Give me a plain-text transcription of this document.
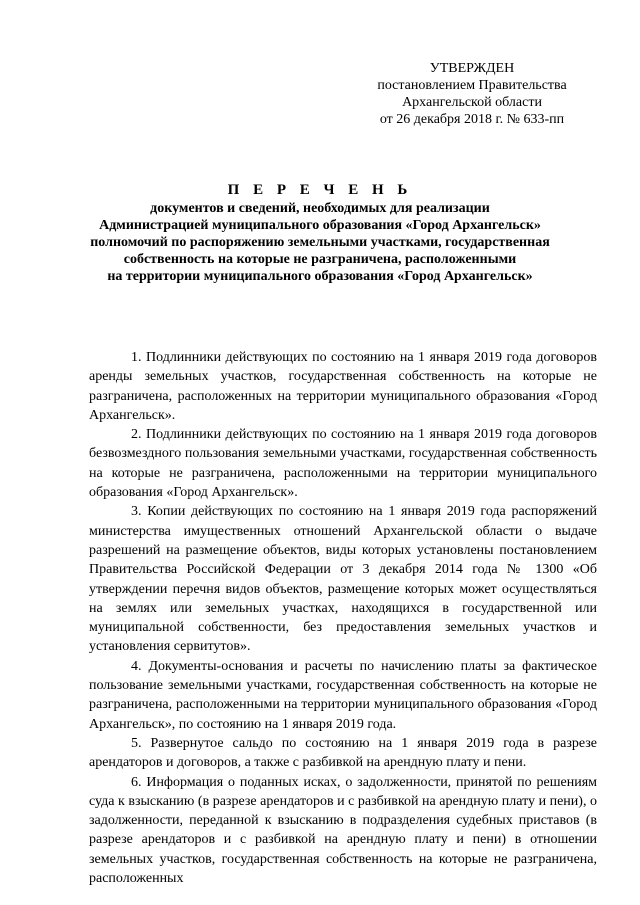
УТВЕРЖДЕН
постановлением Правительства
Архангельской области
от 26 декабря 2018 г. № 633-пп
П Е Р Е Ч Е Н Ь
документов и сведений, необходимых для реализации
Администрацией муниципального образования «Город Архангельск»
полномочий по распоряжению земельными участками, государственная
собственность на которые не разграничена, расположенными
на территории муниципального образования «Город Архангельск»

1. Подлинники действующих по состоянию на 1 января 2019 года договоров аренды земельных участков, государственная собственность на которые не разграничена, расположенных на территории муниципального образования «Город Архангельск».

2. Подлинники действующих по состоянию на 1 января 2019 года договоров безвозмездного пользования земельными участками, государственная собственность на которые не разграничена, расположенными на территории муниципального образования «Город Архангельск».

3. Копии действующих по состоянию на 1 января 2019 года распоряжений министерства имущественных отношений Архангельской области о выдаче разрешений на размещение объектов, виды которых установлены постановлением Правительства Российской Федерации от 3 декабря 2014 года № 1300 «Об утверждении перечня видов объектов, размещение которых может осуществляться на землях или земельных участках, находящихся в государственной или муниципальной собственности, без предоставления земельных участков и установления сервитутов».

4. Документы-основания и расчеты по начислению платы за фактическое пользование земельными участками, государственная собственность на которые не разграничена, расположенными на территории муниципального образования «Город Архангельск», по состоянию на 1 января 2019 года.

5. Развернутое сальдо по состоянию на 1 января 2019 года в разрезе арендаторов и договоров, а также с разбивкой на арендную плату и пени.

6. Информация о поданных исках, о задолженности, принятой по решениям суда к взысканию (в разрезе арендаторов и с разбивкой на арендную плату и пени), о задолженности, переданной к взысканию в подразделения судебных приставов (в разрезе арендаторов и с разбивкой на арендную плату и пени) в отношении земельных участков, государственная собственность на которые не разграничена, расположенных
